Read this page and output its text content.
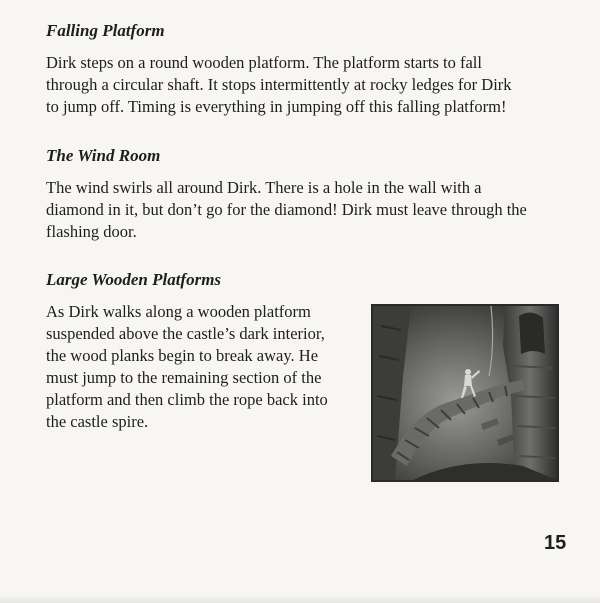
Falling Platform

Dirk steps on a round wooden platform. The platform starts to fall
through a circular shaft. It stops intermittently at rocky ledges for Dirk
to jump off. Timing is everything in jumping off this falling platform!

The Wind Room

The wind swirls all around Dirk. There is a hole in the wall with a
diamond in it, but don’t go for the diamond! Dirk must leave through the
flashing door.

Large Wooden Platforms

As Dirk walks along a wooden platform
suspended above the castle’s dark interior,
the wood planks begin to break away. He
must jump to the remaining section of the
platform and then climb the rope back into
the castle spire.

15
